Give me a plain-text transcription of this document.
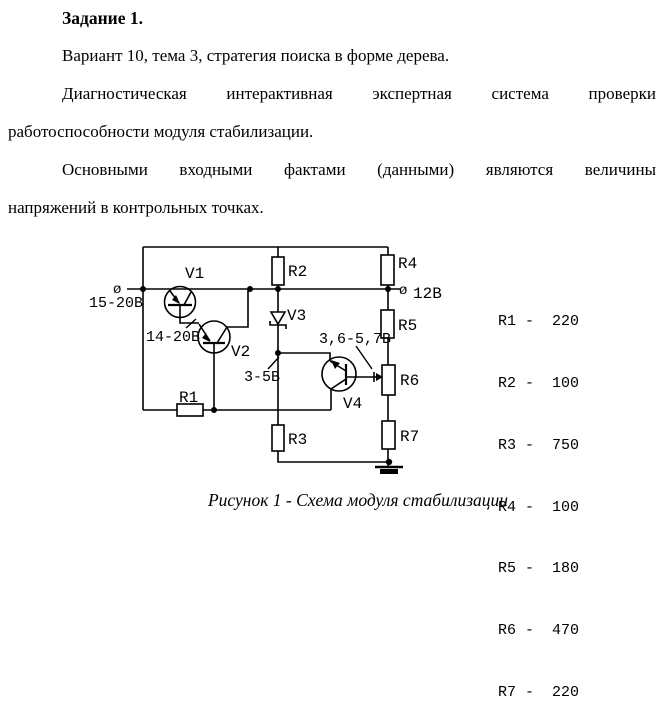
Задание 1.
Вариант 10, тема 3, стратегия поиска в форме дерева.
Диагностическая интерактивная экспертная система проверки
работоспособности модуля стабилизации.
Основными входными фактами (данными) являются величины
напряжений в контрольных точках.
V1
V2
V3
V4
R1
R2
R3
R4
R5
R6
R7
ø
15-20В
14-20В
ø 12В
3-5В
3,6-5,7В

R1 -  220

R2 -  100

R3 -  750

R4 -  100

R5 -  180

R6 -  470

R7 -  220

Рисунок 1 - Схема модуля стабилизации
